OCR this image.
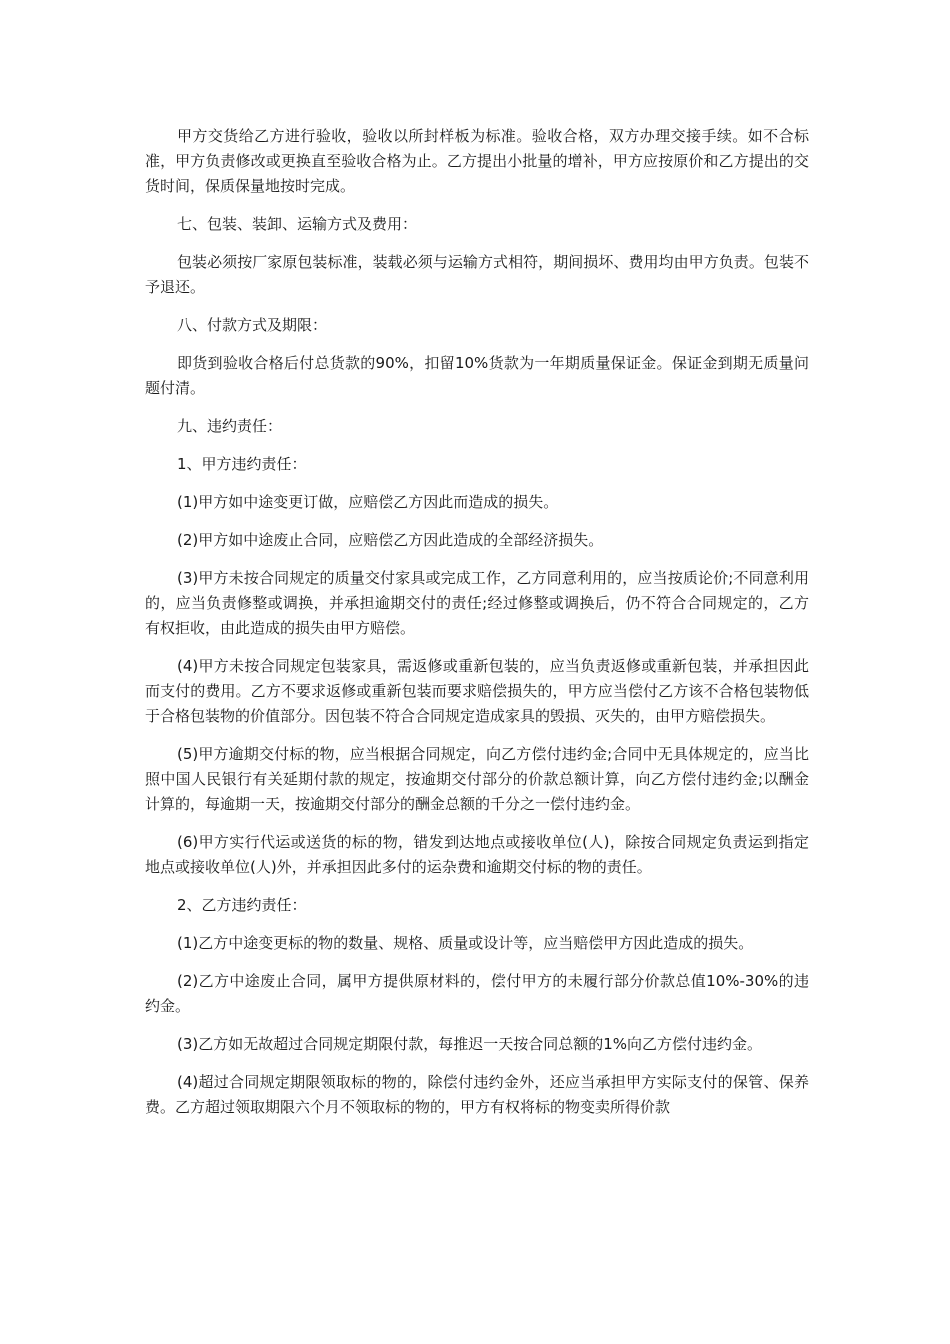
甲方交货给乙方进行验收，验收以所封样板为标准。验收合格，双方办理交接手续。如不合标准，甲方负责修改或更换直至验收合格为止。乙方提出小批量的增补，甲方应按原价和乙方提出的交货时间，保质保量地按时完成。

七、包装、装卸、运输方式及费用：

包装必须按厂家原包装标准，装载必须与运输方式相符，期间损坏、费用均由甲方负责。包装不予退还。

八、付款方式及期限：

即货到验收合格后付总货款的90%，扣留10%货款为一年期质量保证金。保证金到期无质量问题付清。

九、违约责任：

1、甲方违约责任：

(1)甲方如中途变更订做，应赔偿乙方因此而造成的损失。

(2)甲方如中途废止合同，应赔偿乙方因此造成的全部经济损失。

(3)甲方未按合同规定的质量交付家具或完成工作，乙方同意利用的，应当按质论价;不同意利用的，应当负责修整或调换，并承担逾期交付的责任;经过修整或调换后，仍不符合合同规定的，乙方有权拒收，由此造成的损失由甲方赔偿。

(4)甲方未按合同规定包装家具，需返修或重新包装的，应当负责返修或重新包装，并承担因此而支付的费用。乙方不要求返修或重新包装而要求赔偿损失的，甲方应当偿付乙方该不合格包装物低于合格包装物的价值部分。因包装不符合合同规定造成家具的毁损、灭失的，由甲方赔偿损失。

(5)甲方逾期交付标的物，应当根据合同规定，向乙方偿付违约金;合同中无具体规定的，应当比照中国人民银行有关延期付款的规定，按逾期交付部分的价款总额计算，向乙方偿付违约金;以酬金计算的，每逾期一天，按逾期交付部分的酬金总额的千分之一偿付违约金。

(6)甲方实行代运或送货的标的物，错发到达地点或接收单位(人)，除按合同规定负责运到指定地点或接收单位(人)外，并承担因此多付的运杂费和逾期交付标的物的责任。

2、乙方违约责任：

(1)乙方中途变更标的物的数量、规格、质量或设计等，应当赔偿甲方因此造成的损失。

(2)乙方中途废止合同，属甲方提供原材料的，偿付甲方的未履行部分价款总值10%-30%的违约金。

(3)乙方如无故超过合同规定期限付款，每推迟一天按合同总额的1%向乙方偿付违约金。

(4)超过合同规定期限领取标的物的，除偿付违约金外，还应当承担甲方实际支付的保管、保养费。乙方超过领取期限六个月不领取标的物的，甲方有权将标的物变卖所得价款
